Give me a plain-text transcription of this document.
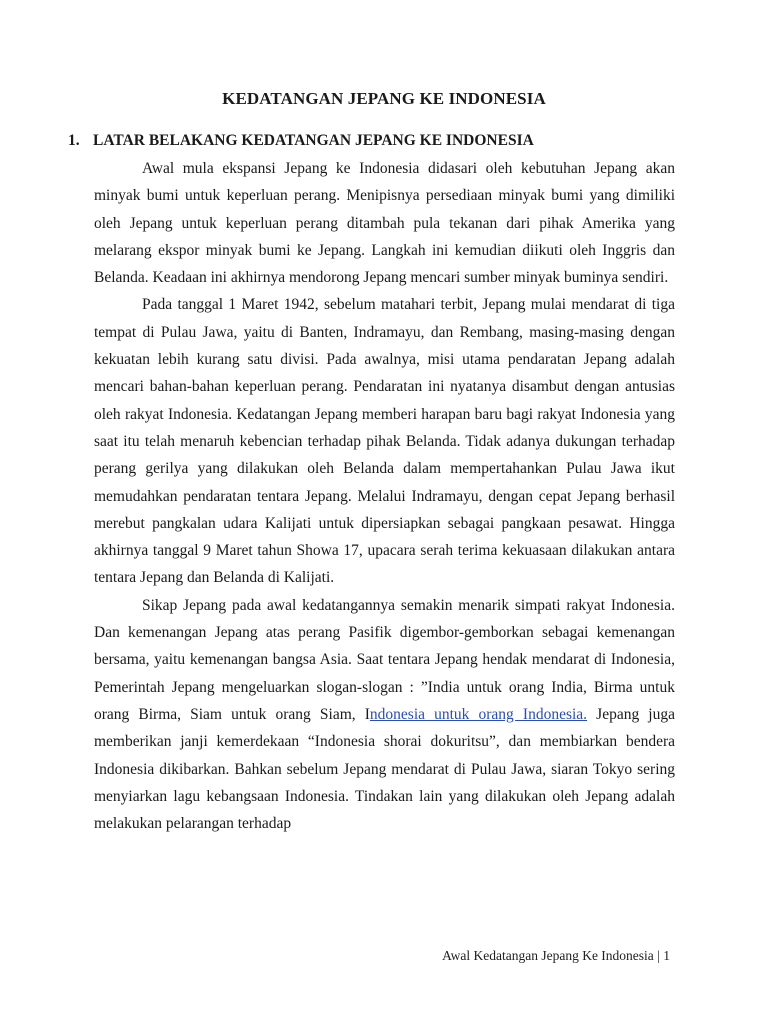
KEDATANGAN JEPANG KE INDONESIA
1. LATAR BELAKANG KEDATANGAN JEPANG KE INDONESIA

Awal mula ekspansi Jepang ke Indonesia didasari oleh kebutuhan Jepang akan minyak bumi untuk keperluan perang. Menipisnya persediaan minyak bumi yang dimiliki oleh Jepang untuk keperluan perang ditambah pula tekanan dari pihak Amerika yang melarang ekspor minyak bumi ke Jepang. Langkah ini kemudian diikuti oleh Inggris dan Belanda. Keadaan ini akhirnya mendorong Jepang mencari sumber minyak buminya sendiri.

Pada tanggal 1 Maret 1942, sebelum matahari terbit, Jepang mulai mendarat di tiga tempat di Pulau Jawa, yaitu di Banten, Indramayu, dan Rembang, masing-masing dengan kekuatan lebih kurang satu divisi. Pada awalnya, misi utama pendaratan Jepang adalah mencari bahan-bahan keperluan perang. Pendaratan ini nyatanya disambut dengan antusias oleh rakyat Indonesia. Kedatangan Jepang memberi harapan baru bagi rakyat Indonesia yang saat itu telah menaruh kebencian terhadap pihak Belanda. Tidak adanya dukungan terhadap perang gerilya yang dilakukan oleh Belanda dalam mempertahankan Pulau Jawa ikut memudahkan pendaratan tentara Jepang. Melalui Indramayu, dengan cepat Jepang berhasil merebut pangkalan udara Kalijati untuk dipersiapkan sebagai pangkaan pesawat. Hingga akhirnya tanggal 9 Maret tahun Showa 17, upacara serah terima kekuasaan dilakukan antara tentara Jepang dan Belanda di Kalijati.

Sikap Jepang pada awal kedatangannya semakin menarik simpati rakyat Indonesia. Dan kemenangan Jepang atas perang Pasifik digembor-gemborkan sebagai kemenangan bersama, yaitu kemenangan bangsa Asia. Saat tentara Jepang hendak mendarat di Indonesia, Pemerintah Jepang mengeluarkan slogan-slogan : ”India untuk orang India, Birma untuk orang Birma, Siam untuk orang Siam, Indonesia untuk orang Indonesia. Jepang juga memberikan janji kemerdekaan “Indonesia shorai dokuritsu”, dan membiarkan bendera Indonesia dikibarkan. Bahkan sebelum Jepang mendarat di Pulau Jawa, siaran Tokyo sering menyiarkan lagu kebangsaan Indonesia. Tindakan lain yang dilakukan oleh Jepang adalah melakukan pelarangan terhadap

Awal Kedatangan Jepang Ke Indonesia | 1
